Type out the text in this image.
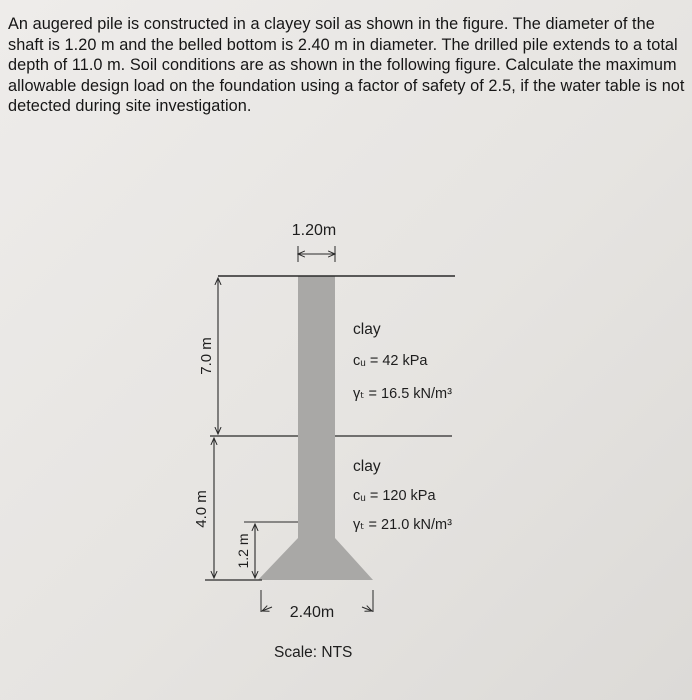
An augered pile is constructed in a clayey soil as shown in the figure. The diameter of the shaft is 1.20 m and the belled bottom is 2.40 m in diameter. The drilled pile extends to a total depth of 11.0 m. Soil conditions are as shown in the following figure. Calculate the maximum allowable design load on the foundation using a factor of safety of 2.5, if the water table is not detected during site investigation.

1.20m
7.0 m
4.0 m
1.2 m
2.40m
clay
cᵤ = 42 kPa
γₜ = 16.5 kN/m³
clay
cᵤ = 120 kPa
γₜ = 21.0 kN/m³
Scale: NTS
